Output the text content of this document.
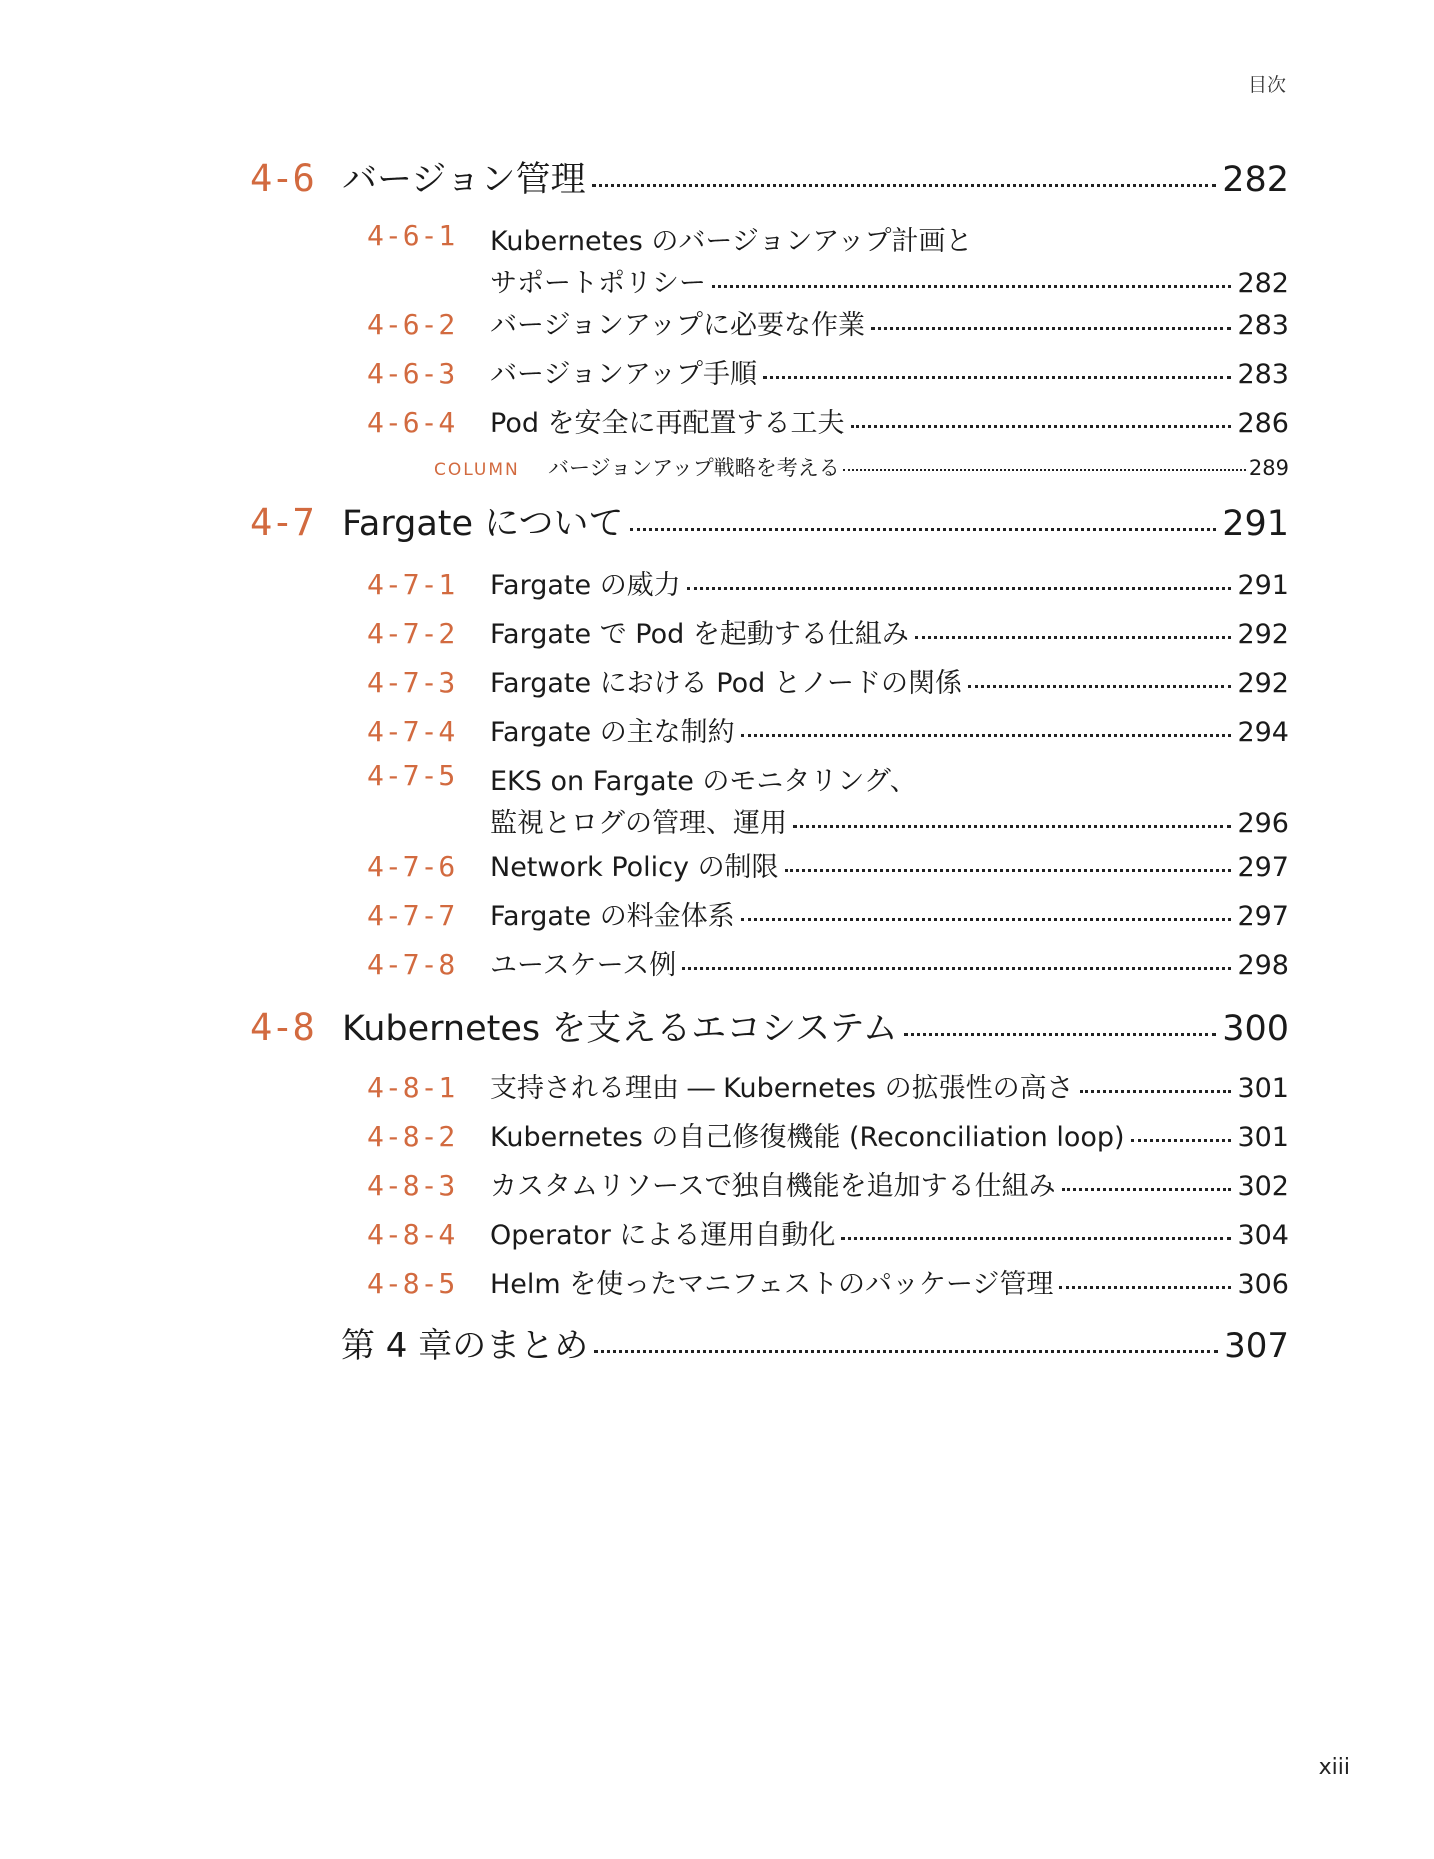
目次
4-6 バージョン管理	282
4-6-1	Kubernetes のバージョンアップ計画と
サポートポリシー	282
4-6-2	バージョンアップに必要な作業	283
4-6-3	バージョンアップ手順	283
4-6-4	Pod を安全に再配置する工夫	286
COLUMN	バージョンアップ戦略を考える	289
4-7 Fargate について	291
4-7-1	Fargate の威力	291
4-7-2	Fargate で Pod を起動する仕組み	292
4-7-3	Fargate における Pod とノードの関係	292
4-7-4	Fargate の主な制約	294
4-7-5	EKS on Fargate のモニタリング、
監視とログの管理、運用	296
4-7-6	Network Policy の制限	297
4-7-7	Fargate の料金体系	297
4-7-8	ユースケース例	298
4-8 Kubernetes を支えるエコシステム	300
4-8-1	支持される理由 ― Kubernetes の拡張性の高さ	301
4-8-2	Kubernetes の自己修復機能 (Reconciliation loop)	301
4-8-3	カスタムリソースで独自機能を追加する仕組み	302
4-8-4	Operator による運用自動化	304
4-8-5	Helm を使ったマニフェストのパッケージ管理	306
第 4 章のまとめ	307
xiii
